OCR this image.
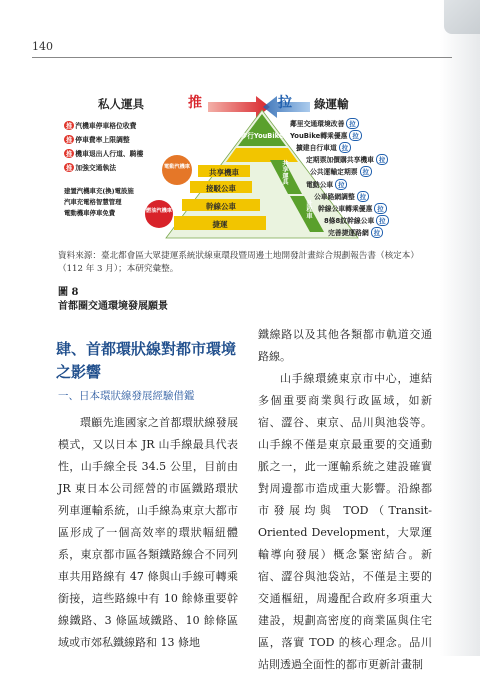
140
私人運具	推	拉 綠運輸
推 汽機車停車格位收費
推 停車費率上限調整
推 機車退出人行道、騎樓
推 加強交通執法
建置汽機車充(換)電設施
汽車充電格智慧管理
電動機車停車免費
電動汽機車
燃油汽機車
步行YouBike
共享機車
接駁公車
幹線公車
捷運
共享運具
計程車
鄰里交通環境改善 拉
YouBike轉乘優惠 拉
擴建自行車道 拉
定期票加價購共享機車 拉
公共運輸定期票 拉
電動公車 拉
公車路網調整 拉
幹線公車轉乘優惠 拉
8條8紋幹線公車 拉
完善捷運路網 拉
資料來源：臺北都會區大眾捷運系統狀線東環段暨周邊土地開發計畫綜合規劃報告書（核定本）（112 年 3 月）；本研究彙整。
圖 8
首都圈交通環境發展願景
肆、首都環狀線對都市環境之影響
一、日本環狀線發展經驗借鑑

環顧先進國家之首都環狀線發展模式，又以日本 JR 山手線最具代表性，山手線全長 34.5 公里，目前由 JR 東日本公司經營的市區鐵路環狀列車運輸系統，山手線為東京大都市區形成了一個高效率的環狀幅紐體系，東京都市區各類鐵路線合不同列車共用路線有 47 條與山手線可轉乘銜接，這些路線中有 10 餘條重要幹線鐵路、3 條區域鐵路、10 餘條區域或市郊私鐵線路和 13 條地

鐵線路以及其他各類都市軌道交通路線。

山手線環繞東京市中心，連結多個重要商業與行政區域，如新宿、澀谷、東京、品川與池袋等。山手線不僅是東京最重要的交通動脈之一，此一運輸系統之建設確實對周邊都市造成重大影響。沿線都市發展均與 TOD（Transit-Oriented Development，大眾運輸導向發展）概念緊密結合。新宿、澀谷與池袋站，不僅是主要的交通樞紐，周邊配合政府多項重大建設，規劃高密度的商業區與住宅區，落實 TOD 的核心理念。品川站則透過全面性的都市更新計畫制
